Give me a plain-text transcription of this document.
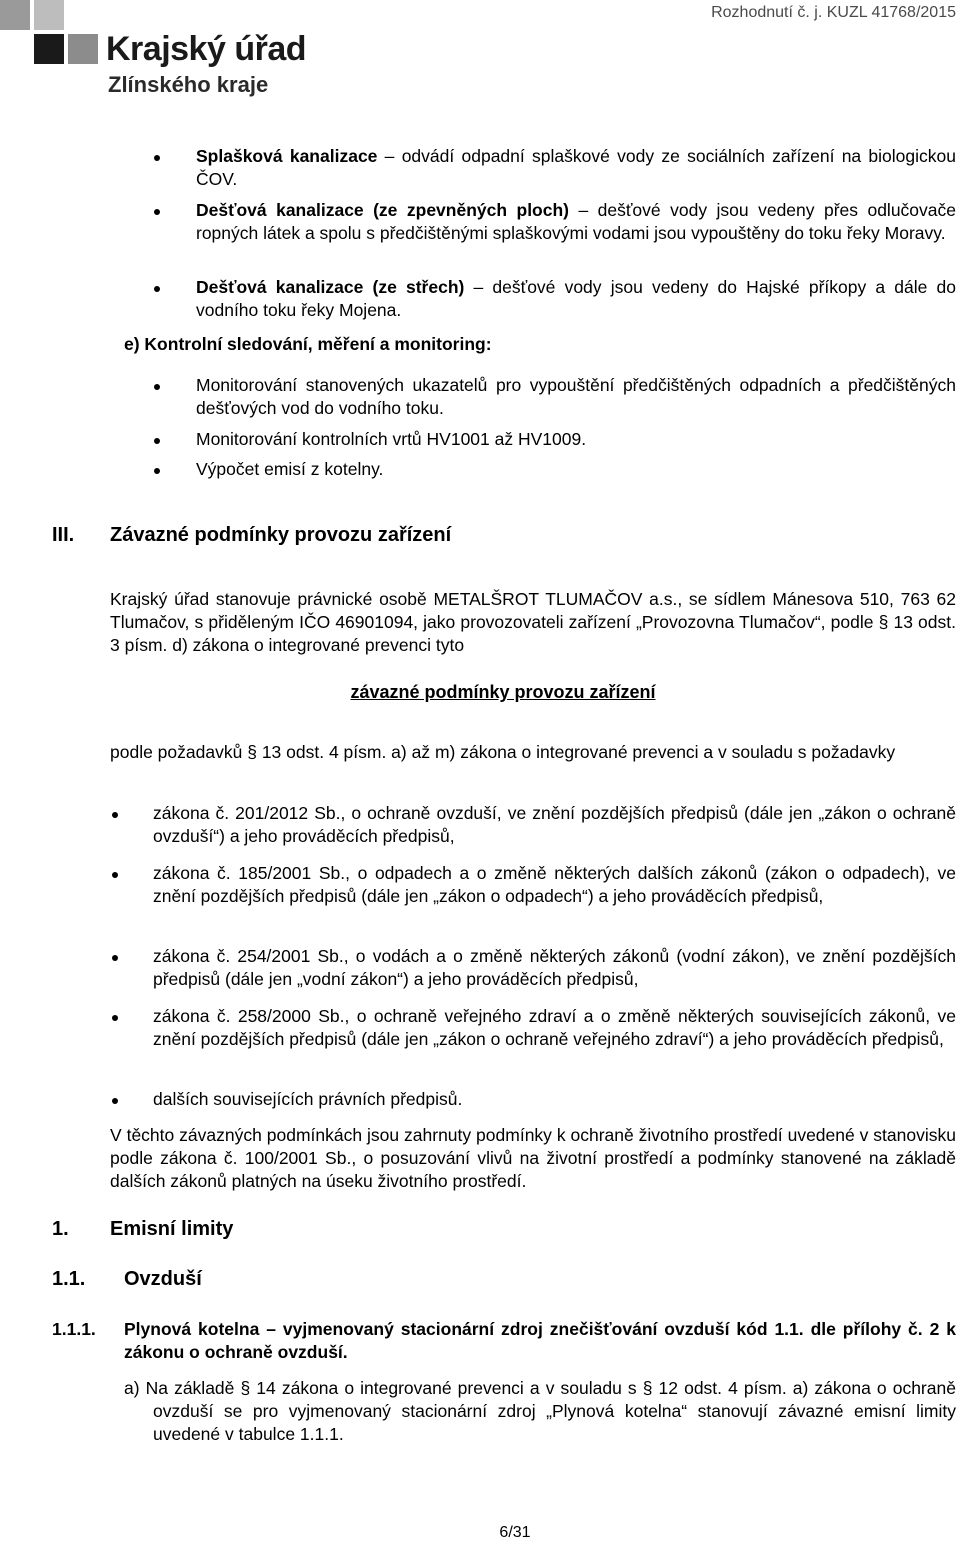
Krajský úřad
Zlínského kraje
Rozhodnutí č. j. KUZL 41768/2015
Splašková kanalizace – odvádí odpadní splaškové vody ze sociálních zařízení na biologickou ČOV.
Dešťová kanalizace (ze zpevněných ploch) – dešťové vody jsou vedeny přes odlučovače ropných látek a spolu s předčištěnými splaškovými vodami jsou vypouštěny do toku řeky Moravy.
Dešťová kanalizace (ze střech) – dešťové vody jsou vedeny do Hajské příkopy a dále do vodního toku řeky Mojena.
e) Kontrolní sledování, měření a monitoring:
Monitorování stanovených ukazatelů pro vypouštění předčištěných odpadních a předčištěných dešťových vod do vodního toku.
Monitorování kontrolních vrtů HV1001 až HV1009.
Výpočet emisí z kotelny.
III. Závazné podmínky provozu zařízení
Krajský úřad stanovuje právnické osobě METALŠROT TLUMAČOV a.s., se sídlem Mánesova 510, 763 62 Tlumačov, s přiděleným IČO 46901094, jako provozovateli zařízení „Provozovna Tlumačov“, podle § 13 odst. 3 písm. d) zákona o integrované prevenci tyto
závazné podmínky provozu zařízení
podle požadavků § 13 odst. 4 písm. a) až m) zákona o integrované prevenci a v souladu s požadavky
zákona č. 201/2012 Sb., o ochraně ovzduší, ve znění pozdějších předpisů (dále jen „zákon o ochraně ovzduší“) a jeho prováděcích předpisů,
zákona č. 185/2001 Sb., o odpadech a o změně některých dalších zákonů (zákon o odpadech), ve znění pozdějších předpisů (dále jen „zákon o odpadech“) a jeho prováděcích předpisů,
zákona č. 254/2001 Sb., o vodách a o změně některých zákonů (vodní zákon), ve znění pozdějších předpisů (dále jen „vodní zákon“) a jeho prováděcích předpisů,
zákona č. 258/2000 Sb., o ochraně veřejného zdraví a o změně některých souvisejících zákonů, ve znění pozdějších předpisů (dále jen „zákon o ochraně veřejného zdraví“) a jeho prováděcích předpisů,
dalších souvisejících právních předpisů.
V těchto závazných podmínkách jsou zahrnuty podmínky k ochraně životního prostředí uvedené v stanovisku podle zákona č. 100/2001 Sb., o posuzování vlivů na životní prostředí a podmínky stanovené na základě dalších zákonů platných na úseku životního prostředí.
1. Emisní limity
1.1. Ovzduší
1.1.1. Plynová kotelna – vyjmenovaný stacionární zdroj znečišťování ovzduší kód 1.1. dle přílohy č. 2 k zákonu o ochraně ovzduší.
a) Na základě § 14 zákona o integrované prevenci a v souladu s § 12 odst. 4 písm. a) zákona o ochraně ovzduší se pro vyjmenovaný stacionární zdroj „Plynová kotelna“ stanovují závazné emisní limity uvedené v tabulce 1.1.1.
6/31
